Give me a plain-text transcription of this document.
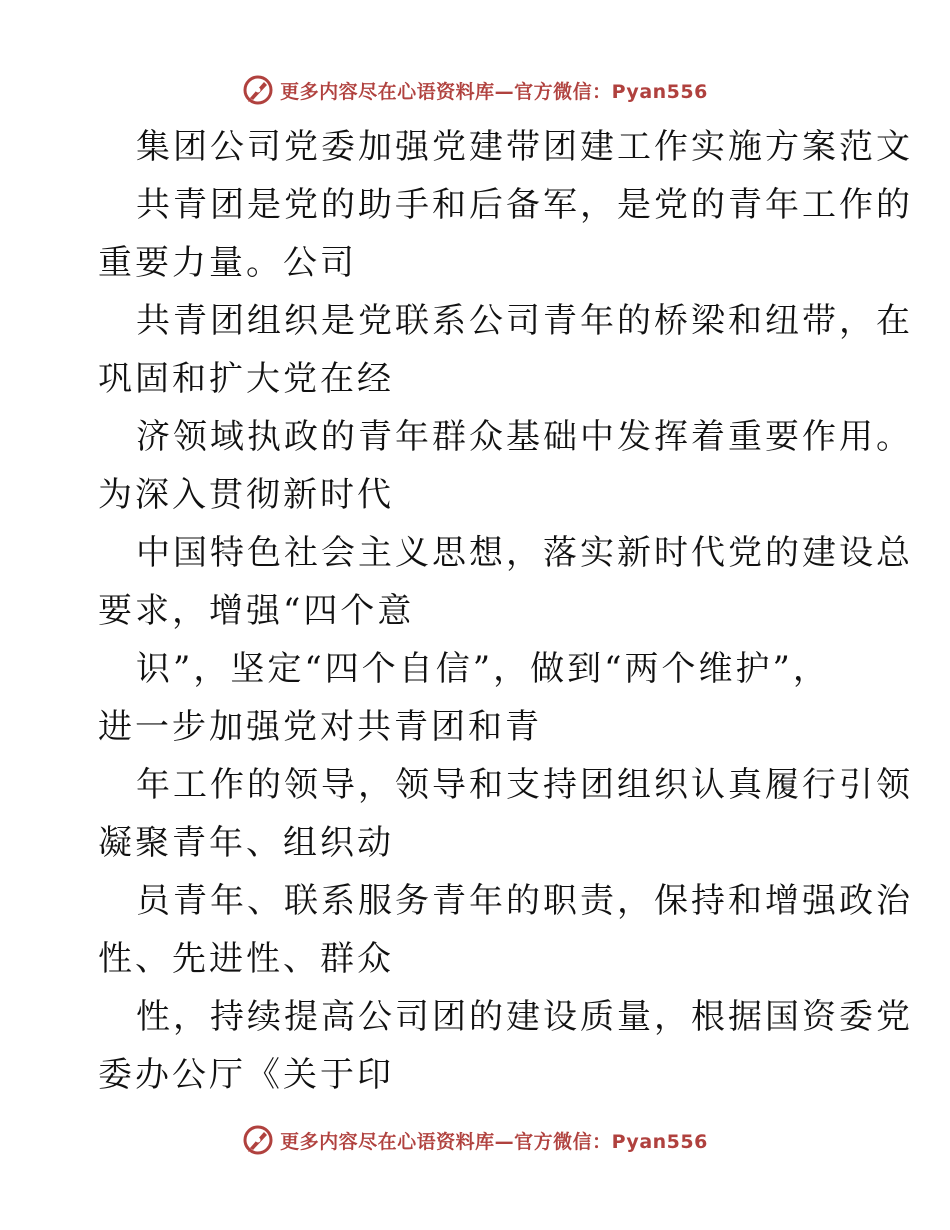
更多内容尽在心语资料库—官方微信：Pyan556
集团公司党委加强党建带团建工作实施方案范文
共青团是党的助手和后备军，是党的青年工作的
重要力量。公司
共青团组织是党联系公司青年的桥梁和纽带，在
巩固和扩大党在经
济领域执政的青年群众基础中发挥着重要作用。
为深入贯彻新时代
中国特色社会主义思想，落实新时代党的建设总
要求，增强“四个意
识”，坚定“四个自信”，做到“两个维护”，
进一步加强党对共青团和青
年工作的领导，领导和支持团组织认真履行引领
凝聚青年、组织动
员青年、联系服务青年的职责，保持和增强政治
性、先进性、群众
性，持续提高公司团的建设质量，根据国资委党
委办公厅《关于印
更多内容尽在心语资料库—官方微信：Pyan556
